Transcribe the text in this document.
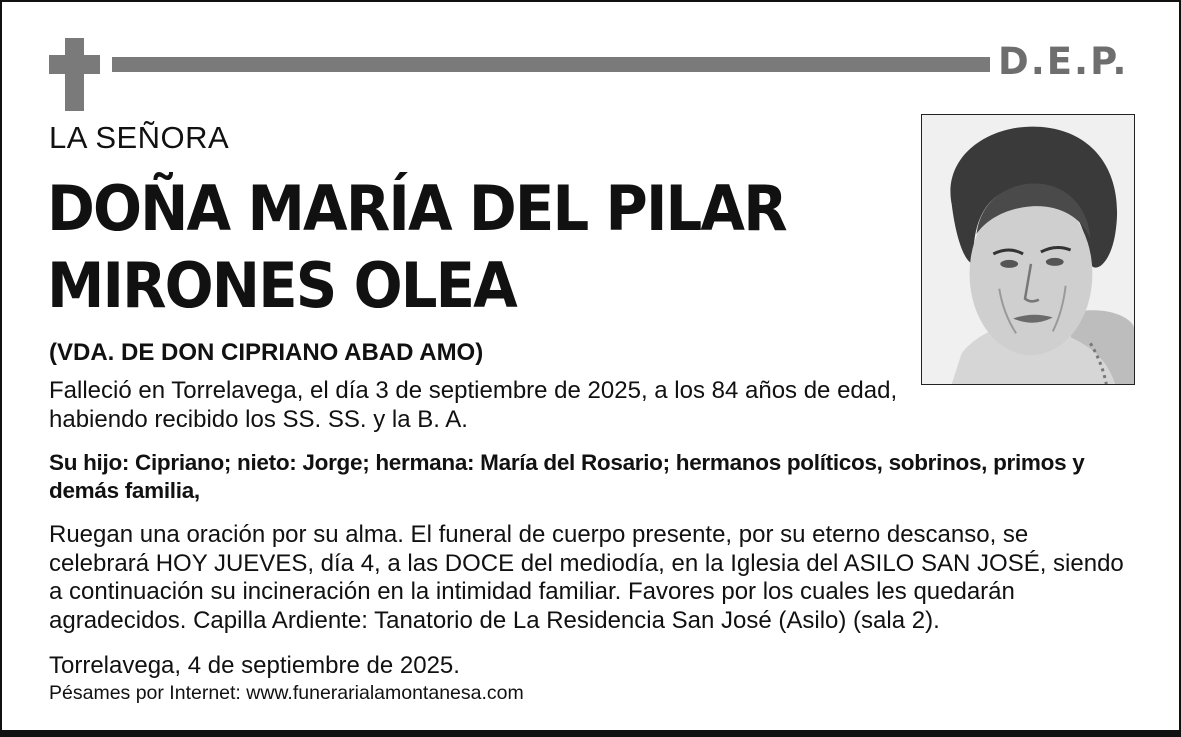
D.E.P.
LA SEÑORA
DOÑA MARÍA DEL PILAR
MIRONES OLEA
(VDA. DE DON CIPRIANO ABAD AMO)
Falleció en Torrelavega, el día 3 de septiembre de 2025, a los 84 años de edad,
habiendo recibido los SS. SS. y la B. A.
Su hijo: Cipriano; nieto: Jorge; hermana: María del Rosario; hermanos políticos, sobrinos, primos y
demás familia,
Ruegan una oración por su alma. El funeral de cuerpo presente, por su eterno descanso, se
celebrará HOY JUEVES, día 4, a las DOCE del mediodía, en la Iglesia del ASILO SAN JOSÉ, siendo
a continuación su incineración en la intimidad familiar. Favores por los cuales les quedarán
agradecidos. Capilla Ardiente: Tanatorio de La Residencia San José (Asilo) (sala 2).
Torrelavega, 4 de septiembre de 2025.
Pésames por Internet: www.funerarialamontanesa.com
